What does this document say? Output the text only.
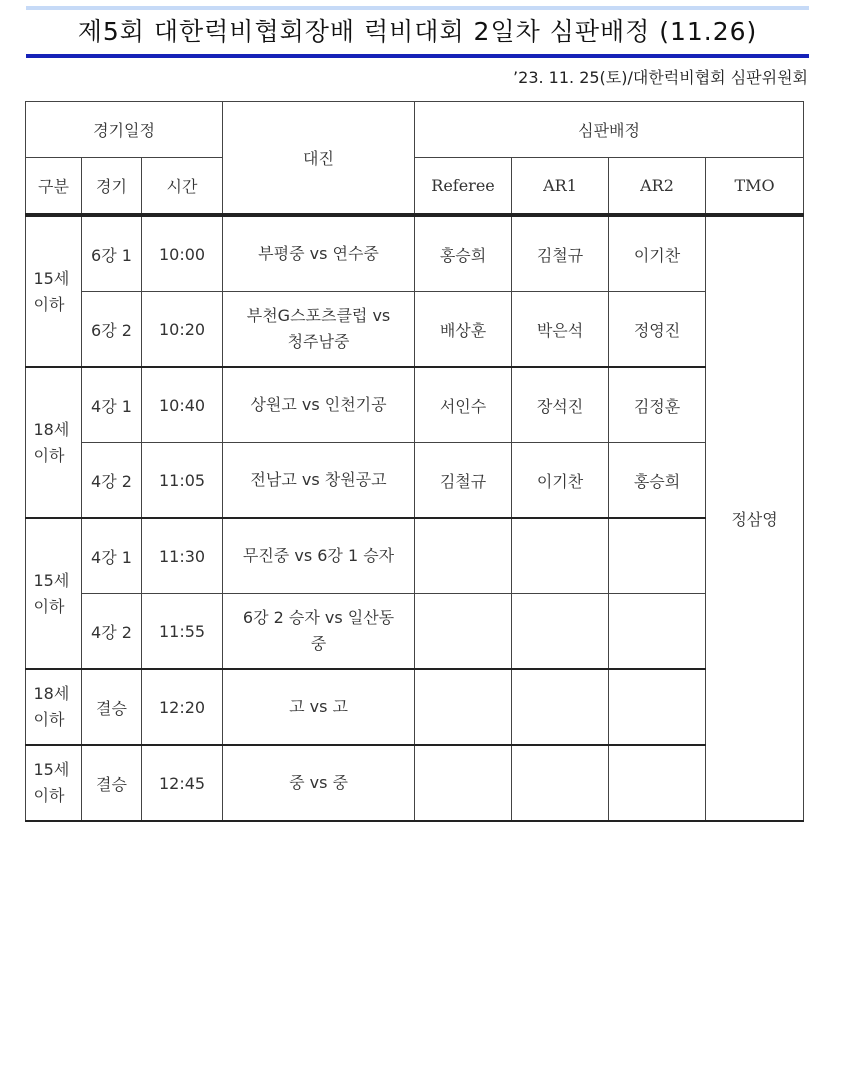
제5회 대한럭비협회장배 럭비대회 2일차 심판배정 (11.26)
’23. 11. 25(토)/대한럭비협회 심판위원회
경기일정			대진	심판배정			
구분	경기	시간		Referee	AR1	AR2	TMO
15세 이하	6강 1	10:00	부평중 vs 연수중	홍승희	김철규	이기찬	정삼영
	6강 2	10:20	부천G스포츠클럽 vs 청주남중	배상훈	박은석	정영진	
18세 이하	4강 1	10:40	상원고 vs 인천기공	서인수	장석진	김정훈	
	4강 2	11:05	전남고 vs 창원공고	김철규	이기찬	홍승희	
15세 이하	4강 1	11:30	무진중 vs 6강 1 승자				
	4강 2	11:55	6강 2 승자 vs 일산동중				
18세 이하	결승	12:20	고 vs 고				
15세 이하	결승	12:45	중 vs 중				
